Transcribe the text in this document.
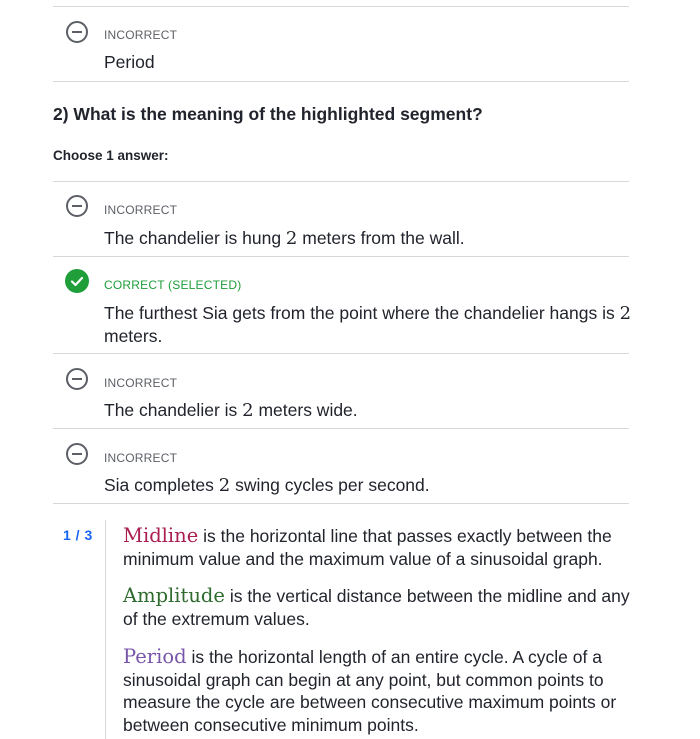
INCORRECT
Period
2) What is the meaning of the highlighted segment?
Choose 1 answer:
INCORRECT
The chandelier is hung 2 meters from the wall.
CORRECT (SELECTED)
The furthest Sia gets from the point where the chandelier hangs is 2 meters.
INCORRECT
The chandelier is 2 meters wide.
INCORRECT
Sia completes 2 swing cycles per second.
1 / 3 Midline is the horizontal line that passes exactly between the minimum value and the maximum value of a sinusoidal graph.
Amplitude is the vertical distance between the midline and any of the extremum values.
Period is the horizontal length of an entire cycle. A cycle of a sinusoidal graph can begin at any point, but common points to measure the cycle are between consecutive maximum points or between consecutive minimum points.
